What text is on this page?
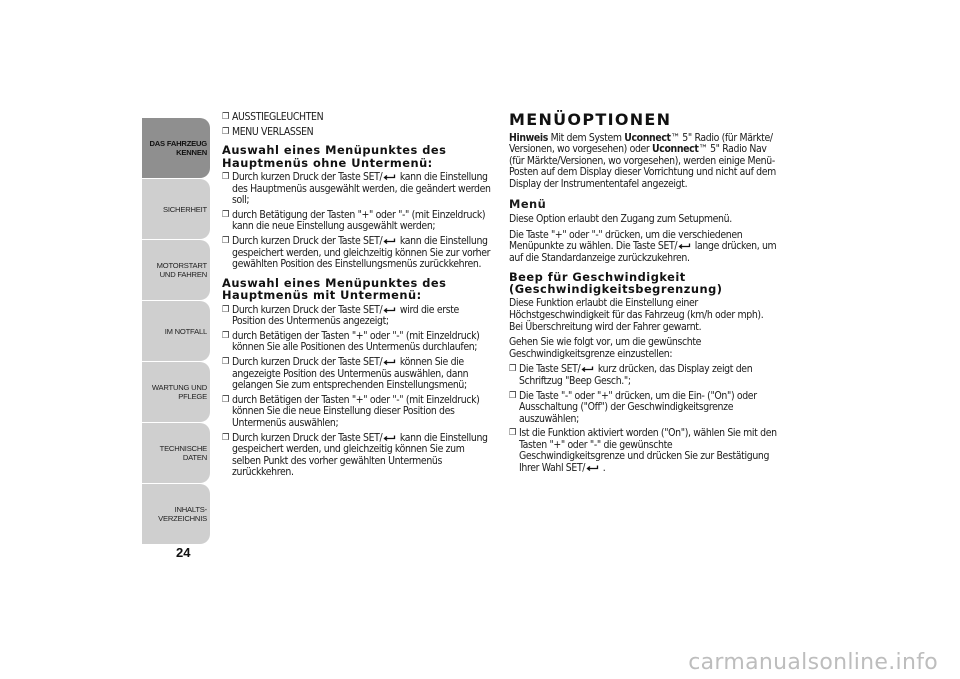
DAS FAHRZEUG KENNEN
SICHERHEIT
MOTORSTART UND FAHREN
IM NOTFALL
WARTUNG UND PFLEGE
TECHNISCHE DATEN
INHALTS-VERZEICHNIS
24
❒ AUSSTIEGLEUCHTEN
❒ MENU VERLASSEN
Auswahl eines Menüpunktes des Hauptmenüs ohne Untermenü:
❒ Durch kurzen Druck der Taste SET/
kann die Einstellung des Hauptmenüs ausgewählt werden, die geändert werden soll;
❒ durch Betätigung der Tasten "+" oder "-" (mit Einzeldruck) kann die neue Einstellung ausgewählt werden;
❒ Durch kurzen Druck der Taste SET/
kann die Einstellung gespeichert werden, und gleichzeitig können Sie zur vorher gewählten Position des Einstellungsmenüs zurückkehren.
Auswahl eines Menüpunktes des Hauptmenüs mit Untermenü:
❒ Durch kurzen Druck der Taste SET/
wird die erste Position des Untermenüs angezeigt;
❒ durch Betätigen der Tasten "+" oder "-" (mit Einzeldruck) können Sie alle Positionen des Untermenüs durchlaufen;
❒ Durch kurzen Druck der Taste SET/
können Sie die angezeigte Position des Untermenüs auswählen, dann gelangen Sie zum entsprechenden Einstellungsmenü;
❒ durch Betätigen der Tasten "+" oder "-" (mit Einzeldruck) können Sie die neue Einstellung dieser Position des Untermenüs auswählen;
❒ Durch kurzen Druck der Taste SET/
kann die Einstellung gespeichert werden, und gleichzeitig können Sie zum selben Punkt des vorher gewählten Untermenüs zurückkehren.
MENÜOPTIONEN

Hinweis Mit dem System Uconnect™ 5" Radio (für Märkte/ Versionen, wo vorgesehen) oder Uconnect™ 5" Radio Nav (für Märkte/Versionen, wo vorgesehen), werden einige Menü-Posten auf dem Display dieser Vorrichtung und nicht auf dem Display der Instrumententafel angezeigt.

Menü

Diese Option erlaubt den Zugang zum Setupmenü.

Die Taste "+" oder "-" drücken, um die verschiedenen Menüpunkte zu wählen. Die Taste SET/
lange drücken, um auf die Standardanzeige zurückzukehren.

Beep für Geschwindigkeit (Geschwindigkeitsbegrenzung)

Diese Funktion erlaubt die Einstellung einer Höchstgeschwindigkeit für das Fahrzeug (km/h oder mph). Bei Überschreitung wird der Fahrer gewarnt.

Gehen Sie wie folgt vor, um die gewünschte Geschwindigkeitsgrenze einzustellen:

❒ Die Taste SET/
kurz drücken, das Display zeigt den Schriftzug "Beep Gesch.";
❒ Die Taste "-" oder "+" drücken, um die Ein- ("On") oder Ausschaltung ("Off") der Geschwindigkeitsgrenze auszuwählen;
❒ Ist die Funktion aktiviert worden ("On"), wählen Sie mit den Tasten "+" oder "-" die gewünschte Geschwindigkeitsgrenze und drücken Sie zur Bestätigung Ihrer Wahl SET/
.
carmanualsonline.info
